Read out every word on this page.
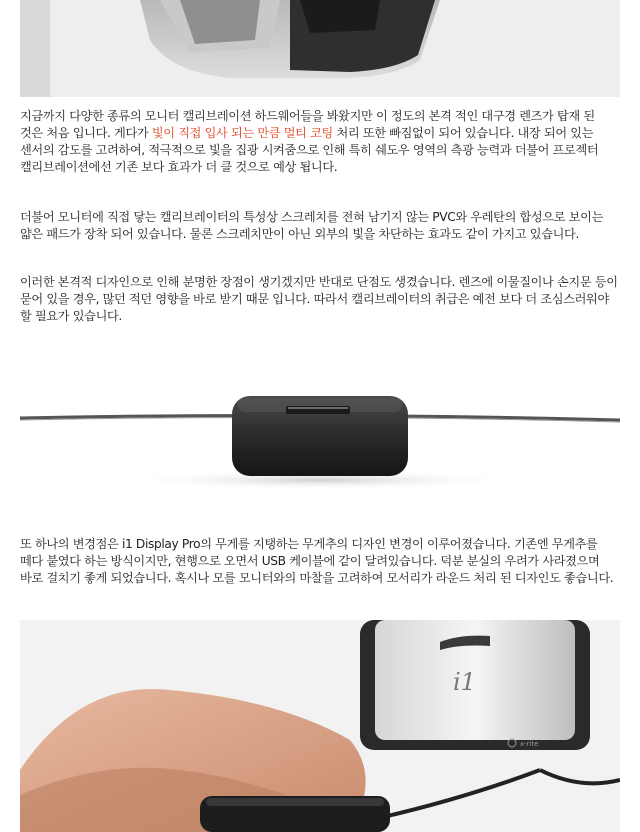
지금까지 다양한 종류의 모니터 캘리브레이션 하드웨어들을 봐왔지만 이 정도의 본격 적인 대구경 렌즈가 탑재 된 것은 처음 입니다. 게다가 빛이 직접 입사 되는 만큼 멀티 코팅 처리 또한 빠짐없이 되어 있습니다. 내장 되어 있는 센서의 감도를 고려하여, 적극적으로 빛을 집광 시켜줌으로 인해 특히 쉐도우 영역의 측광 능력과 더불어 프로젝터 캘리브레이션에선 기존 보다 효과가 더 클 것으로 예상 됩니다.

더불어 모니터에 직접 닿는 캘리브레이터의 특성상 스크레치를 전혀 남기지 않는 PVC와 우레탄의 합성으로 보이는 얇은 패드가 장착 되어 있습니다. 물론 스크레치만이 아닌 외부의 빛을 차단하는 효과도 같이 가지고 있습니다.

이러한 본격적 디자인으로 인해 분명한 장점이 생기겠지만 반대로 단점도 생겼습니다. 렌즈에 이물질이나 손지문 등이 묻어 있을 경우, 많던 적던 영향을 바로 받기 때문 입니다. 따라서 캘리브레이터의 취급은 예전 보다 더 조심스러워야 할 필요가 있습니다.

또 하나의 변경점은 i1 Display Pro의 무게를 지탱하는 무게추의 디자인 변경이 이루어졌습니다. 기존엔 무게추를 떼다 붙였다 하는 방식이지만, 현행으로 오면서 USB 케이블에 같이 달려있습니다. 덕분 분실의 우려가 사라졌으며 바로 걸치기 좋게 되었습니다. 혹시나 모를 모니터와의 마찰을 고려하여 모서리가 라운드 처리 된 디자인도 좋습니다.

i1
x-rite
